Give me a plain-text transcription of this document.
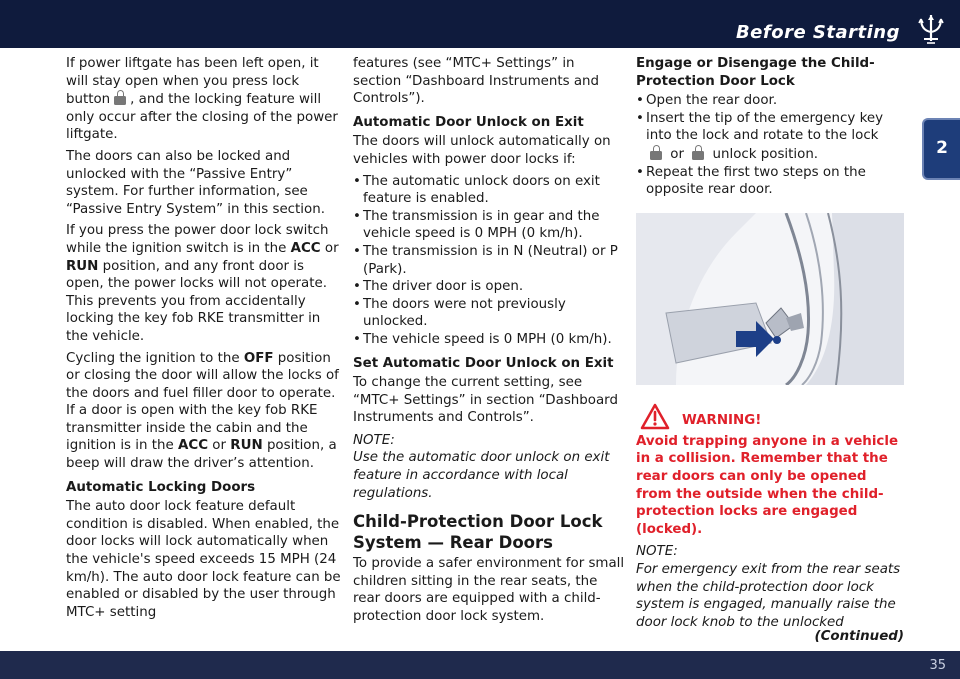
Before Starting
2

If power liftgate has been left open, it will stay open when you press lock button , and the locking feature will only occur after the closing of the power liftgate.

The doors can also be locked and unlocked with the “Passive Entry” system. For further information, see “Passive Entry System” in this section.

If you press the power door lock switch while the ignition switch is in the ACC or RUN position, and any front door is open, the power locks will not operate. This prevents you from accidentally locking the key fob RKE transmitter in the vehicle.

Cycling the ignition to the OFF position or closing the door will allow the locks of the doors and fuel filler door to operate. If a door is open with the key fob RKE transmitter inside the cabin and the ignition is in the ACC or RUN position, a beep will draw the driver’s attention.

Automatic Locking Doors

The auto door lock feature default condition is disabled. When enabled, the door locks will lock automatically when the vehicle's speed exceeds 15 MPH (24 km/h). The auto door lock feature can be enabled or disabled by the user through MTC+ setting

features (see “MTC+ Settings” in section “Dashboard Instruments and Controls”).

Automatic Door Unlock on Exit

The doors will unlock automatically on vehicles with power door locks if:

• The automatic unlock doors on exit feature is enabled.
• The transmission is in gear and the vehicle speed is 0 MPH (0 km/h).
• The transmission is in N (Neutral) or P (Park).
• The driver door is open.
• The doors were not previously unlocked.
• The vehicle speed is 0 MPH (0 km/h).

Set Automatic Door Unlock on Exit

To change the current setting, see “MTC+ Settings” in section “Dashboard Instruments and Controls”.

NOTE:

Use the automatic door unlock on exit feature in accordance with local regulations.

Child-Protection Door Lock System — Rear Doors

To provide a safer environment for small children sitting in the rear seats, the rear doors are equipped with a child-protection door lock system.

Engage or Disengage the Child-Protection Door Lock

• Open the rear door.
• Insert the tip of the emergency key into the lock and rotate to the lock
or unlock position.
• Repeat the first two steps on the opposite rear door.
WARNING!

Avoid trapping anyone in a vehicle in a collision. Remember that the rear doors can only be opened from the outside when the child-protection locks are engaged (locked).

NOTE:

For emergency exit from the rear seats when the child-protection door lock system is engaged, manually raise the door lock knob to the unlocked

(Continued)

35
